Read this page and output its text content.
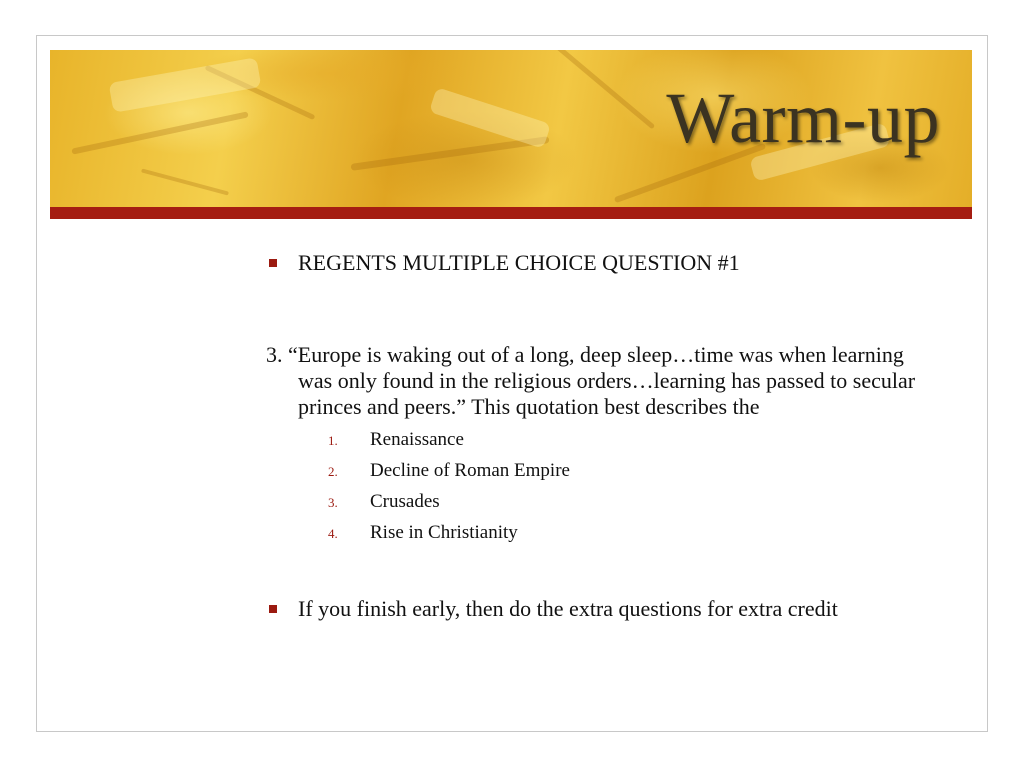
Warm-up
REGENTS MULTIPLE CHOICE QUESTION #1
3. “Europe is waking out of a long, deep sleep…time was when learning was only found in the religious orders…learning has passed to secular princes and peers.” This quotation best describes the
1. Renaissance
2. Decline of Roman Empire
3. Crusades
4. Rise in Christianity
If you finish early, then do the extra questions for extra credit
